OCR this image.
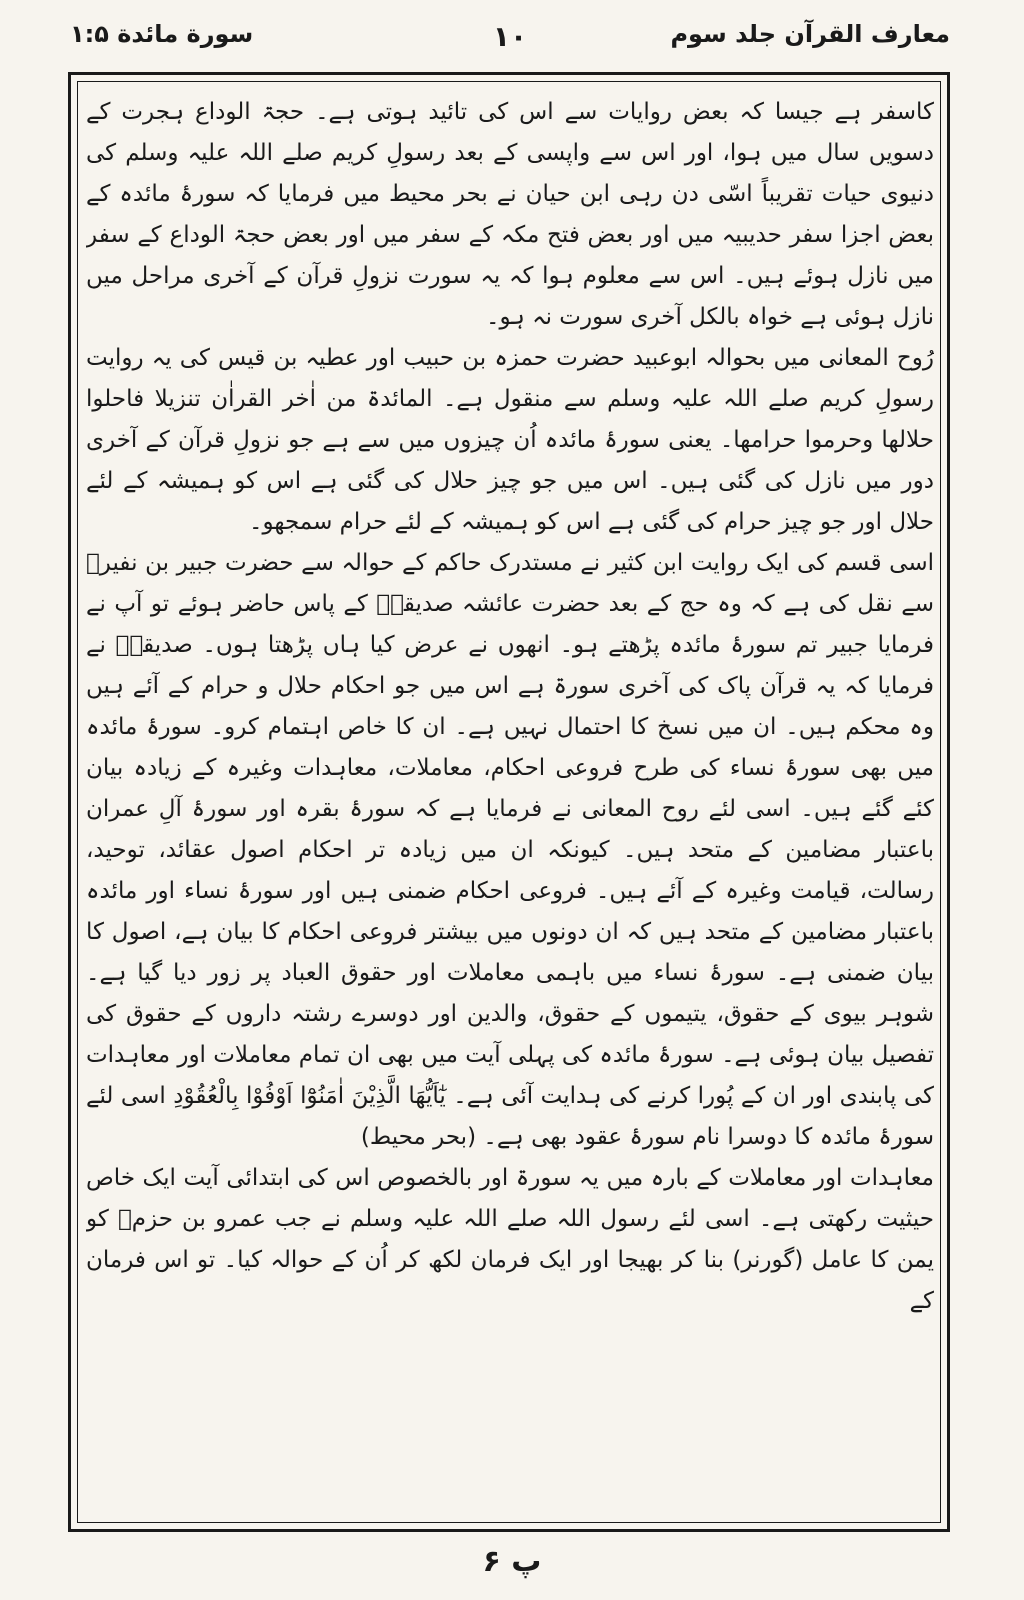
معارف القرآن جلد سوم
۱۰
سورة مائدة ۱:۵

کاسفر ہے جیسا کہ بعض روایات سے اس کی تائید ہوتی ہے۔ حجۃ الوداع ہجرت کے دسویں سال میں ہوا، اور اس سے واپسی کے بعد رسولِ کریم صلے اللہ علیہ وسلم کی دنیوی حیات تقریباً اسّی دن رہی ابن حیان نے بحر محیط میں فرمایا کہ سورۂ مائدہ کے بعض اجزا سفر حدیبیہ میں اور بعض فتح مکہ کے سفر میں اور بعض حجۃ الوداع کے سفر میں نازل ہوئے ہیں۔ اس سے معلوم ہوا کہ یہ سورت نزولِ قرآن کے آخری مراحل میں نازل ہوئی ہے خواہ بالکل آخری سورت نہ ہو۔

رُوح المعانی میں بحوالہ ابوعبید حضرت حمزہ بن حبیب اور عطیہ بن قیس کی یہ روایت رسولِ کریم صلے اللہ علیہ وسلم سے منقول ہے۔ المائدۃ من اٰخر القراٰن تنزیلا فاحلوا حلالھا وحرموا حرامھا۔ یعنی سورۂ مائدہ اُن چیزوں میں سے ہے جو نزولِ قرآن کے آخری دور میں نازل کی گئی ہیں۔ اس میں جو چیز حلال کی گئی ہے اس کو ہمیشہ کے لئے حلال اور جو چیز حرام کی گئی ہے اس کو ہمیشہ کے لئے حرام سمجھو۔

اسی قسم کی ایک روایت ابن کثیر نے مستدرک حاکم کے حوالہ سے حضرت جبیر بن نفیرؓ سے نقل کی ہے کہ وہ حج کے بعد حضرت عائشہ صدیقہؓ کے پاس حاضر ہوئے تو آپ نے فرمایا جبیر تم سورۂ مائدہ پڑھتے ہو۔ انھوں نے عرض کیا ہاں پڑھتا ہوں۔ صدیقہؓ نے فرمایا کہ یہ قرآن پاک کی آخری سورۃ ہے اس میں جو احکام حلال و حرام کے آئے ہیں وہ محکم ہیں۔ ان میں نسخ کا احتمال نہیں ہے۔ ان کا خاص اہتمام کرو۔ سورۂ مائدہ میں بھی سورۂ نساء کی طرح فروعی احکام، معاملات، معاہدات وغیرہ کے زیادہ بیان کئے گئے ہیں۔ اسی لئے روح المعانی نے فرمایا ہے کہ سورۂ بقرہ اور سورۂ آلِ عمران باعتبار مضامین کے متحد ہیں۔ کیونکہ ان میں زیادہ تر احکام اصول عقائد، توحید، رسالت، قیامت وغیرہ کے آئے ہیں۔ فروعی احکام ضمنی ہیں اور سورۂ نساء اور مائدہ باعتبار مضامین کے متحد ہیں کہ ان دونوں میں بیشتر فروعی احکام کا بیان ہے، اصول کا بیان ضمنی ہے۔ سورۂ نساء میں باہمی معاملات اور حقوق العباد پر زور دیا گیا ہے۔ شوہر بیوی کے حقوق، یتیموں کے حقوق، والدین اور دوسرے رشتہ داروں کے حقوق کی تفصیل بیان ہوئی ہے۔ سورۂ مائدہ کی پہلی آیت میں بھی ان تمام معاملات اور معاہدات کی پابندی اور ان کے پُورا کرنے کی ہدایت آئی ہے۔ یٰٓاَیُّھَا الَّذِیْنَ اٰمَنُوْٓا اَوْفُوْا بِالْعُقُوْدِ اسی لئے سورۂ مائدہ کا دوسرا نام سورۂ عقود بھی ہے۔ (بحر محیط)

معاہدات اور معاملات کے بارہ میں یہ سورۃ اور بالخصوص اس کی ابتدائی آیت ایک خاص حیثیت رکھتی ہے۔ اسی لئے رسول اللہ صلے اللہ علیہ وسلم نے جب عمرو بن حزمؓ کو یمن کا عامل (گورنر) بنا کر بھیجا اور ایک فرمان لکھ کر اُن کے حوالہ کیا۔ تو اس فرمان کے

پ ۶
